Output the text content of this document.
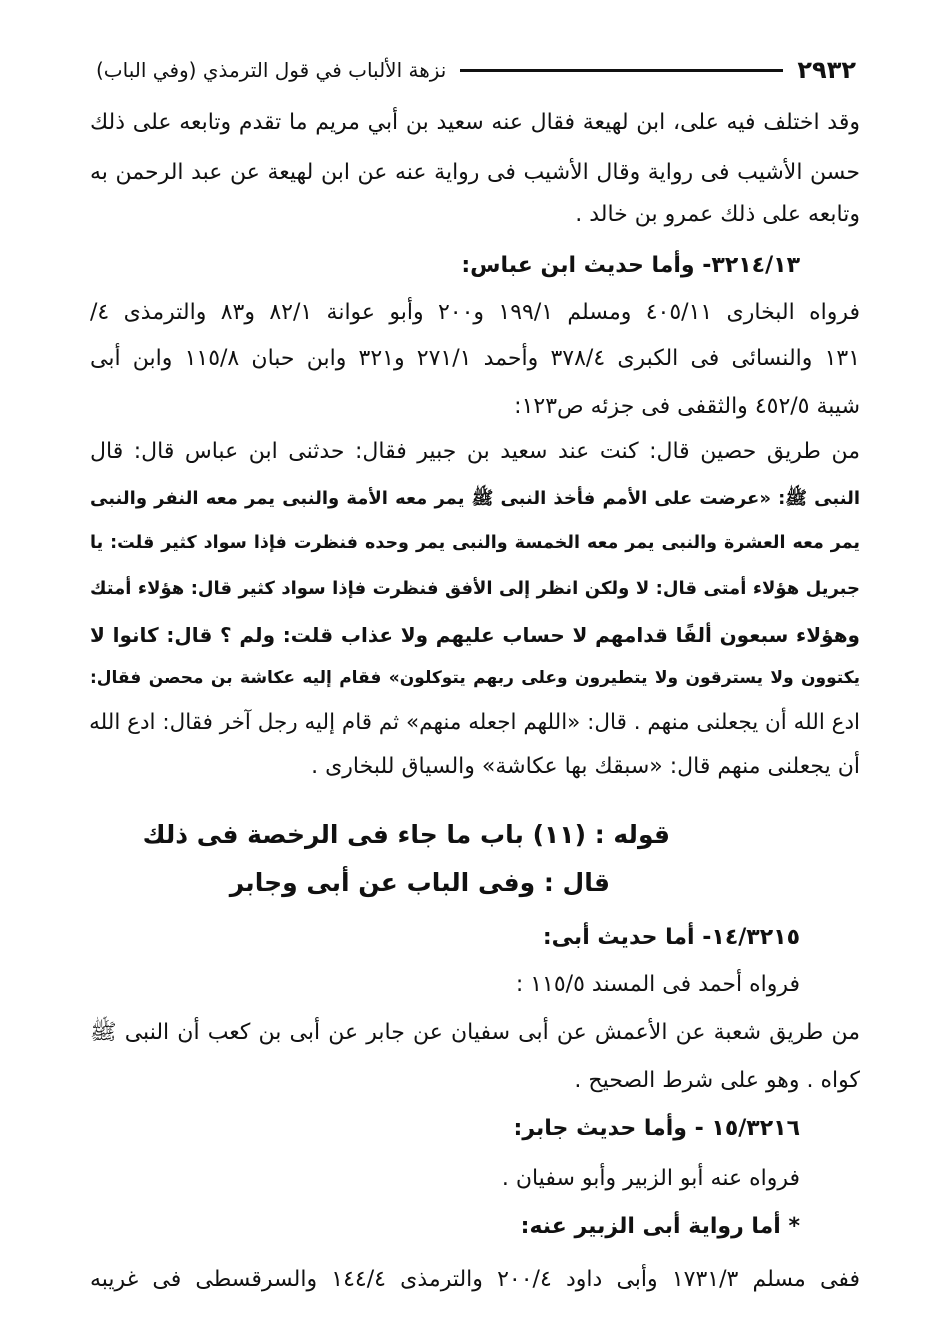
٢٩٣٢
نزهة الألباب في قول الترمذي (وفي الباب)
وقد اختلف فيه على، ابن لهيعة فقال عنه سعيد بن أبي مريم ما تقدم وتابعه على ذلك
حسن الأشيب فى رواية وقال الأشيب فى رواية عنه عن ابن لهيعة عن عبد الرحمن به
وتابعه على ذلك عمرو بن خالد .
٣٢١٤/١٣- وأما حديث ابن عباس:
فرواه البخارى ٤٠٥/١١ ومسلم ١٩٩/١ و٢٠٠ وأبو عوانة ٨٢/١ و٨٣ والترمذى ٤/
١٣١ والنسائى فى الكبرى ٣٧٨/٤ وأحمد ٢٧١/١ و٣٢١ وابن حبان ١١٥/٨ وابن أبى
شيبة ٤٥٢/٥ والثقفى فى جزئه ص١٢٣:
من طريق حصين قال: كنت عند سعيد بن جبير فقال: حدثنى ابن عباس قال: قال
النبى ﷺ: «عرضت على الأمم فأخذ النبى ﷺ يمر معه الأمة والنبى يمر معه النفر والنبى
يمر معه العشرة والنبى يمر معه الخمسة والنبى يمر وحده فنظرت فإذا سواد كثير قلت: يا
جبريل هؤلاء أمتى قال: لا ولكن انظر إلى الأفق فنظرت فإذا سواد كثير قال: هؤلاء أمتك
وهؤلاء سبعون ألفًا قدامهم لا حساب عليهم ولا عذاب قلت: ولم ؟ قال: كانوا لا
يكتوون ولا يسترقون ولا يتطيرون وعلى ربهم يتوكلون» فقام إليه عكاشة بن محصن فقال:
ادع الله أن يجعلنى منهم . قال: «اللهم اجعله منهم» ثم قام إليه رجل آخر فقال: ادع الله
أن يجعلنى منهم قال: «سبقك بها عكاشة» والسياق للبخارى .
قوله : (١١) باب ما جاء فى الرخصة فى ذلك
قال : وفى الباب عن أبى وجابر
١٤/٣٢١٥- أما حديث أبى:
فرواه أحمد فى المسند ١١٥/٥ :
من طريق شعبة عن الأعمش عن أبى سفيان عن جابر عن أبى بن كعب أن النبى ﷺ
كواه . وهو على شرط الصحيح .
١٥/٣٢١٦ - وأما حديث جابر:
فرواه عنه أبو الزبير وأبو سفيان .
* أما رواية أبى الزبير عنه:
ففى مسلم ١٧٣١/٣ وأبى داود ٢٠٠/٤ والترمذى ١٤٤/٤ والسرقسطى فى غريبه
